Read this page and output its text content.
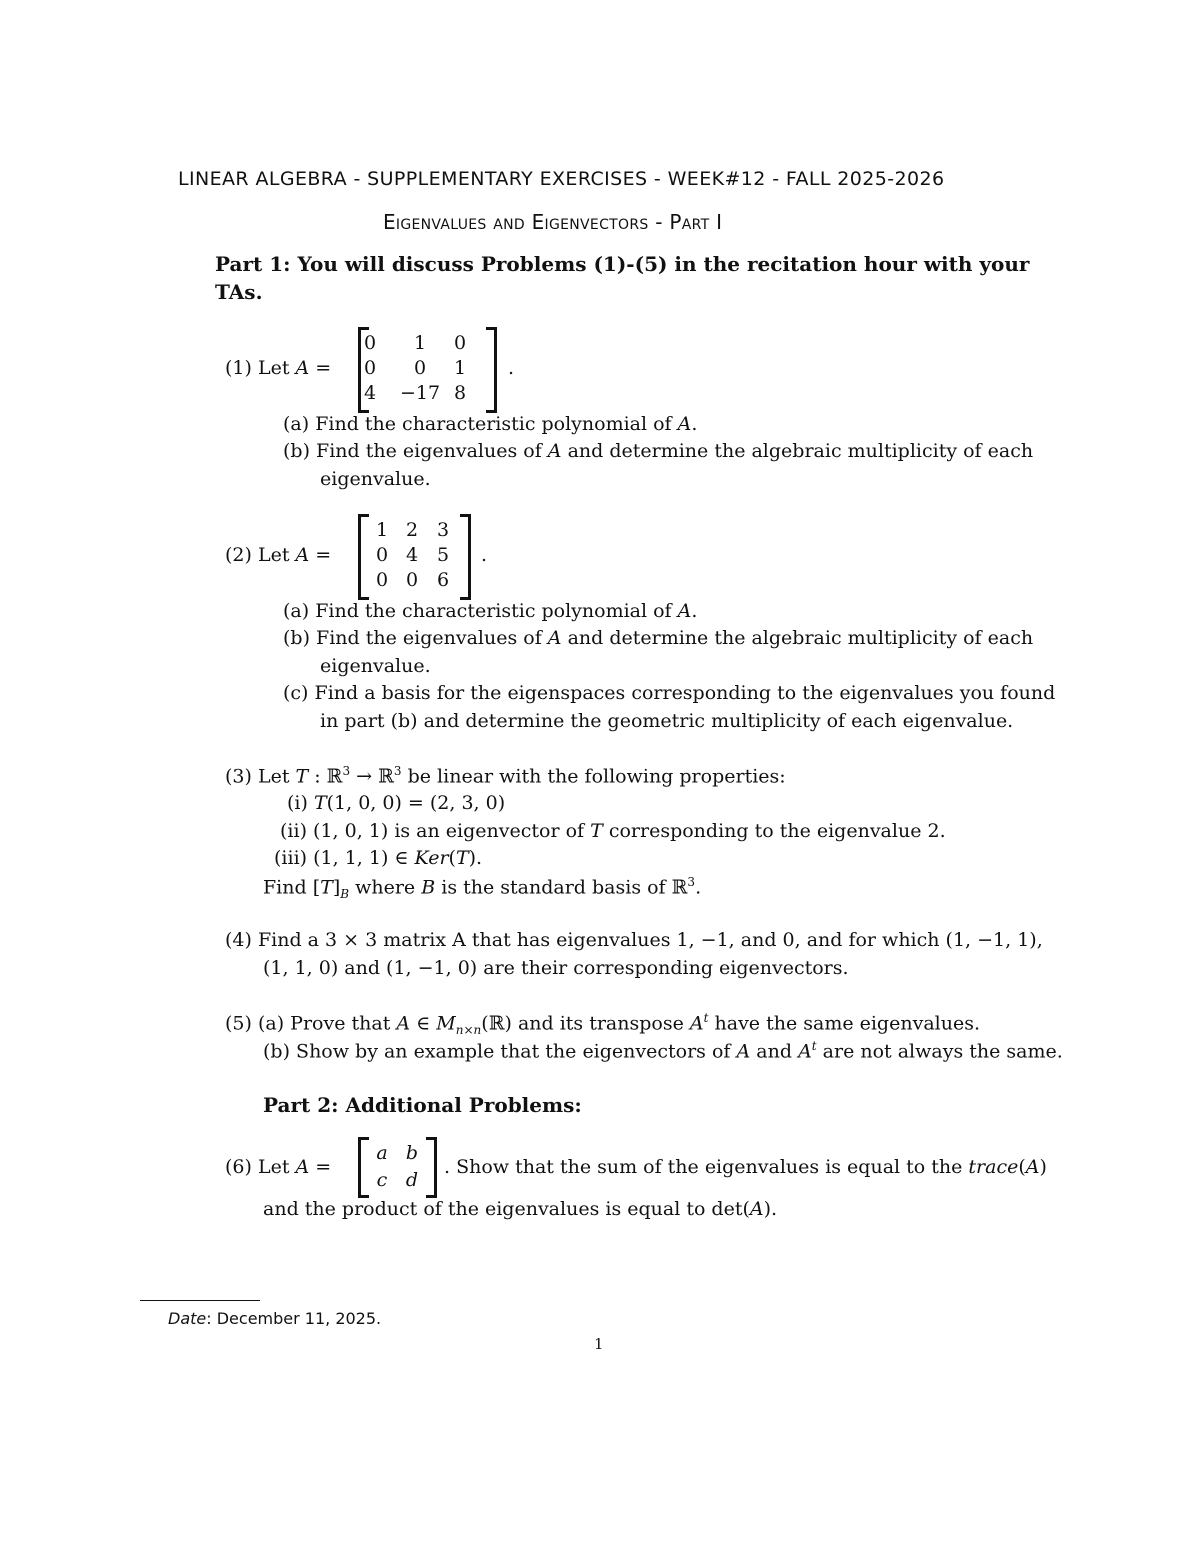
LINEAR ALGEBRA - SUPPLEMENTARY EXERCISES - WEEK#12 - FALL 2025-2026
Eigenvalues and Eigenvectors - Part I
Part 1: You will discuss Problems (1)-(5) in the recitation hour with your
TAs.
(1) Let A =
0	1	0
0	0	1
4	−17 8
.
(a) Find the characteristic polynomial of A.
(b) Find the eigenvalues of A and determine the algebraic multiplicity of each
eigenvalue.
(2) Let A =
1 2 3
0 4 5
0 0 6
.
(a) Find the characteristic polynomial of A.
(b) Find the eigenvalues of A and determine the algebraic multiplicity of each
eigenvalue.
(c) Find a basis for the eigenspaces corresponding to the eigenvalues you found
in part (b) and determine the geometric multiplicity of each eigenvalue.
(3) Let T : ℝ$^3$ → ℝ$^3$ be linear with the following properties:
(i) T(1, 0, 0) = (2, 3, 0)
(ii) (1, 0, 1) is an eigenvector of T corresponding to the eigenvalue 2.
(iii) (1, 1, 1) ∈ Ker(T).
Find $[T]_B$ where B is the standard basis of ℝ$^3$.
(4) Find a 3 × 3 matrix A that has eigenvalues 1, −1, and 0, and for which (1, −1, 1),
(1, 1, 0) and (1, −1, 0) are their corresponding eigenvectors.
(5) (a) Prove that A ∈ $M_{n\times n}(ℝ)$ and its transpose $A^t$ have the same eigenvalues.
(b) Show by an example that the eigenvectors of A and $A^t$ are not always the same.
Part 2: Additional Problems:
(6) Let A =
a b
c d
. Show that the sum of the eigenvalues is equal to the trace(A)
and the product of the eigenvalues is equal to det(A).
Date: December 11, 2025.
1
